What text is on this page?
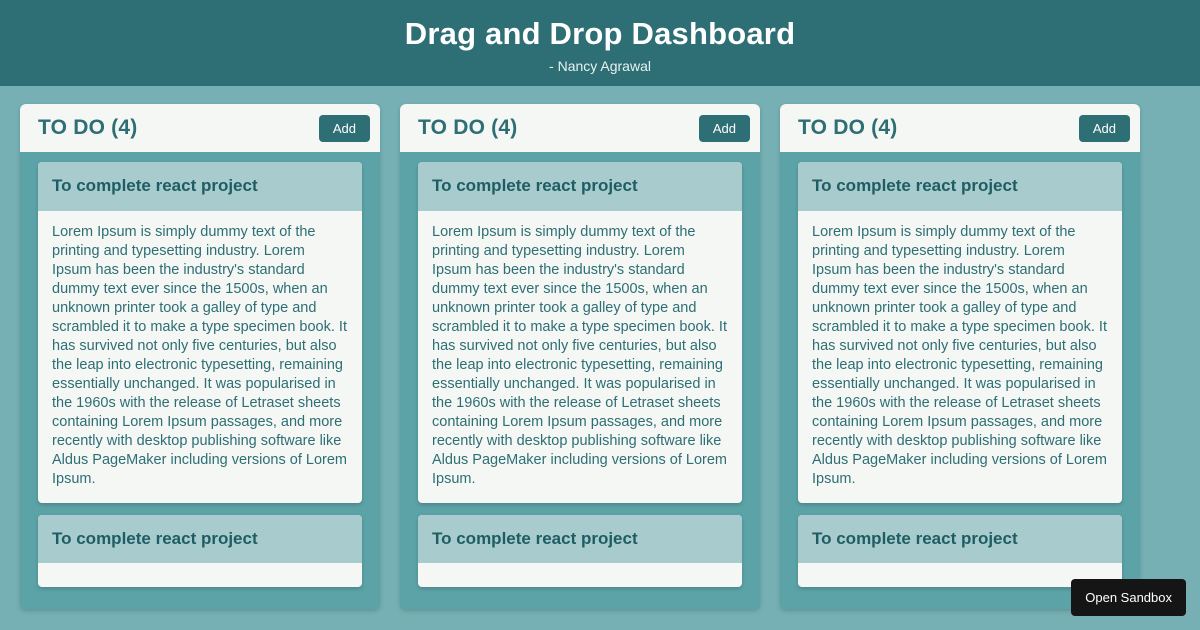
Drag and Drop Dashboard
- Nancy Agrawal
TO DO (4)	Add
To complete react project
Lorem Ipsum is simply dummy text of the printing and typesetting industry. Lorem Ipsum has been the industry's standard dummy text ever since the 1500s, when an unknown printer took a galley of type and scrambled it to make a type specimen book. It has survived not only five centuries, but also the leap into electronic typesetting, remaining essentially unchanged. It was popularised in the 1960s with the release of Letraset sheets containing Lorem Ipsum passages, and more recently with desktop publishing software like Aldus PageMaker including versions of Lorem Ipsum.
To complete react project
TO DO (4)	Add
To complete react project
Lorem Ipsum is simply dummy text of the printing and typesetting industry. Lorem Ipsum has been the industry's standard dummy text ever since the 1500s, when an unknown printer took a galley of type and scrambled it to make a type specimen book. It has survived not only five centuries, but also the leap into electronic typesetting, remaining essentially unchanged. It was popularised in the 1960s with the release of Letraset sheets containing Lorem Ipsum passages, and more recently with desktop publishing software like Aldus PageMaker including versions of Lorem Ipsum.
To complete react project
TO DO (4)	Add
To complete react project
Lorem Ipsum is simply dummy text of the printing and typesetting industry. Lorem Ipsum has been the industry's standard dummy text ever since the 1500s, when an unknown printer took a galley of type and scrambled it to make a type specimen book. It has survived not only five centuries, but also the leap into electronic typesetting, remaining essentially unchanged. It was popularised in the 1960s with the release of Letraset sheets containing Lorem Ipsum passages, and more recently with desktop publishing software like Aldus PageMaker including versions of Lorem Ipsum.
To complete react project
Open Sandbox
